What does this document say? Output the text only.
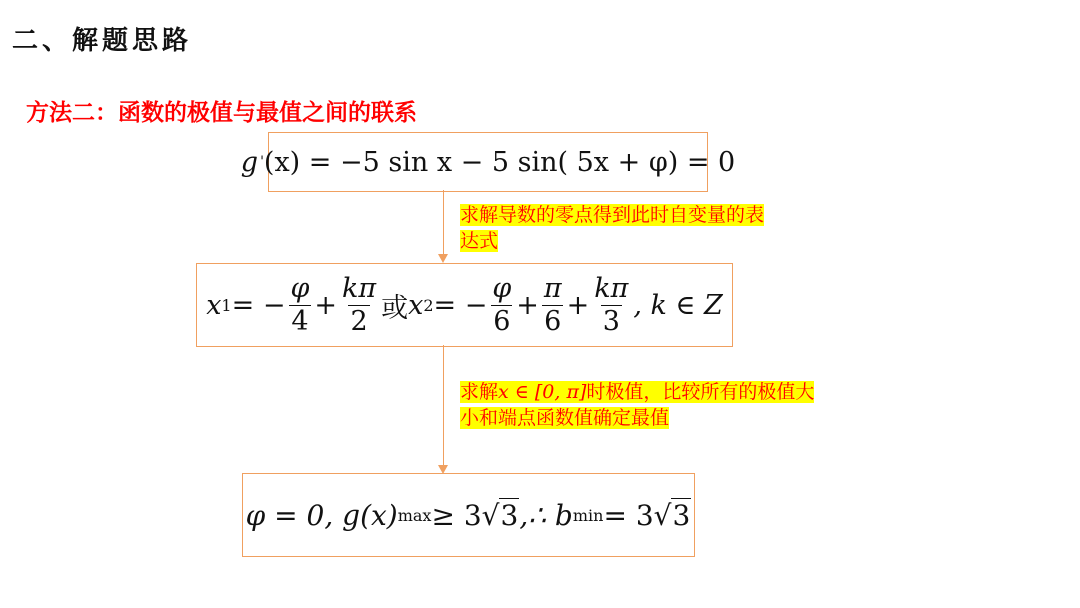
二、解题思路
方法二：函数的极值与最值之间的联系
g ' (x) = −5 sin x − 5 sin( 5x + φ) = 0
求解导数的零点得到此时自变量的表
达式
x 1 = − $\frac{\varphi}{4} + \frac{k\pi}{2}$ 或 x 2 = − $\frac{\varphi}{6} + \frac{\pi}{6} + \frac{k\pi}{3}$ , k ∈ Z
求解x ∈ [0, π]时极值，比较所有的极值大
小和端点函数值确定最值
φ = 0, g(x) max ≥ 3 √ 3 ,∴ b min = 3 √ 3
